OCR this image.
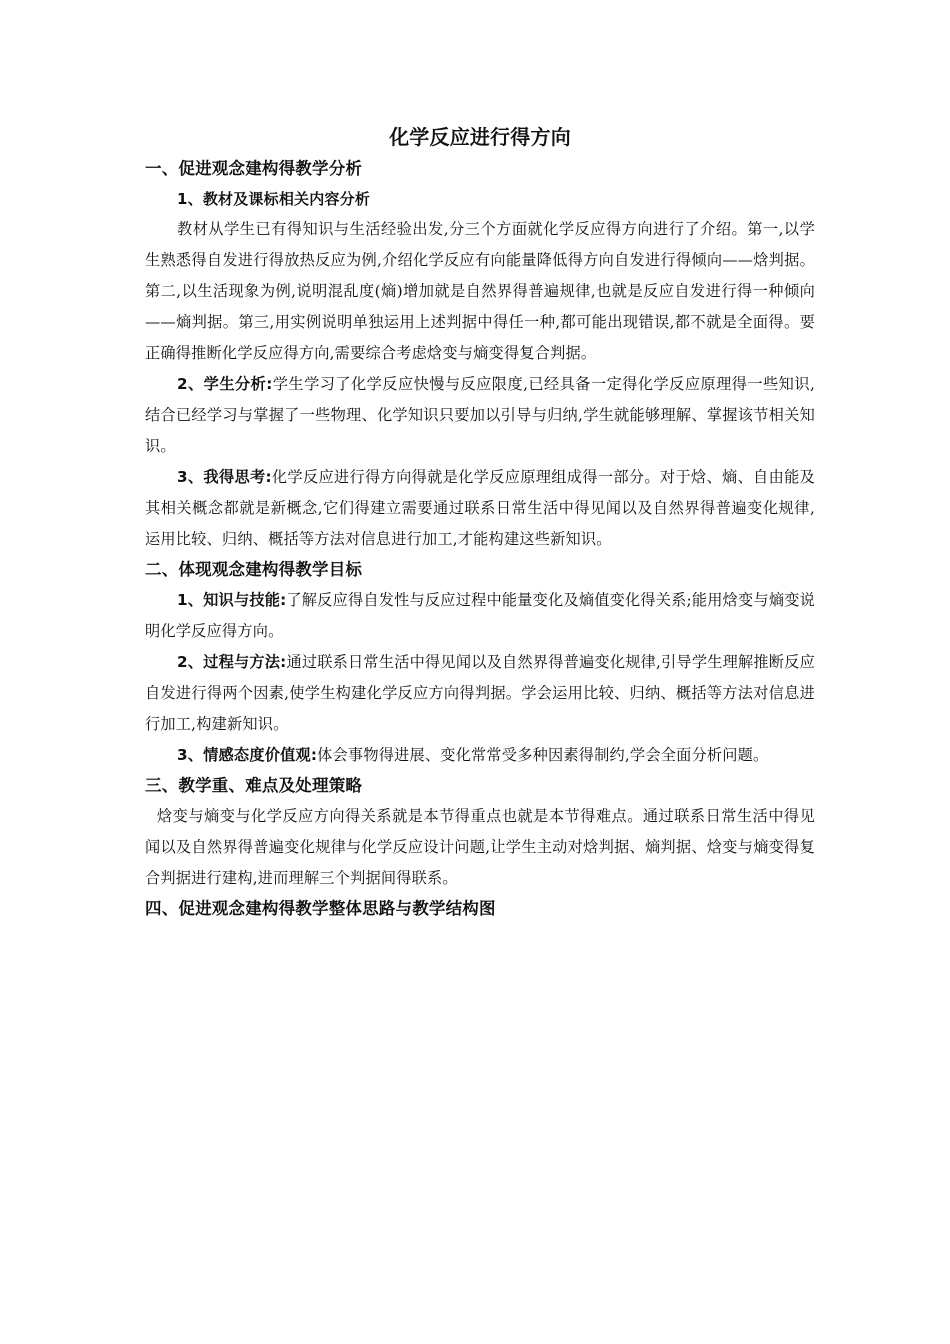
化学反应进行得方向
一、促进观念建构得教学分析
1、教材及课标相关内容分析

教材从学生已有得知识与生活经验出发,分三个方面就化学反应得方向进行了介绍。第一,以学生熟悉得自发进行得放热反应为例,介绍化学反应有向能量降低得方向自发进行得倾向——焓判据。第二,以生活现象为例,说明混乱度(熵)增加就是自然界得普遍规律,也就是反应自发进行得一种倾向——熵判据。第三,用实例说明单独运用上述判据中得任一种,都可能出现错误,都不就是全面得。要正确得推断化学反应得方向,需要综合考虑焓变与熵变得复合判据。

2、学生分析:学生学习了化学反应快慢与反应限度,已经具备一定得化学反应原理得一些知识,结合已经学习与掌握了一些物理、化学知识只要加以引导与归纳,学生就能够理解、掌握该节相关知识。

3、我得思考:化学反应进行得方向得就是化学反应原理组成得一部分。对于焓、熵、自由能及其相关概念都就是新概念,它们得建立需要通过联系日常生活中得见闻以及自然界得普遍变化规律,运用比较、归纳、概括等方法对信息进行加工,才能构建这些新知识。

二、体现观念建构得教学目标

1、知识与技能:了解反应得自发性与反应过程中能量变化及熵值变化得关系;能用焓变与熵变说明化学反应得方向。

2、过程与方法:通过联系日常生活中得见闻以及自然界得普遍变化规律,引导学生理解推断反应自发进行得两个因素,使学生构建化学反应方向得判据。学会运用比较、归纳、概括等方法对信息进行加工,构建新知识。

3、情感态度价值观:体会事物得进展、变化常常受多种因素得制约,学会全面分析问题。

三、教学重、难点及处理策略

焓变与熵变与化学反应方向得关系就是本节得重点也就是本节得难点。通过联系日常生活中得见闻以及自然界得普遍变化规律与化学反应设计问题,让学生主动对焓判据、熵判据、焓变与熵变得复合判据进行建构,进而理解三个判据间得联系。

四、促进观念建构得教学整体思路与教学结构图
